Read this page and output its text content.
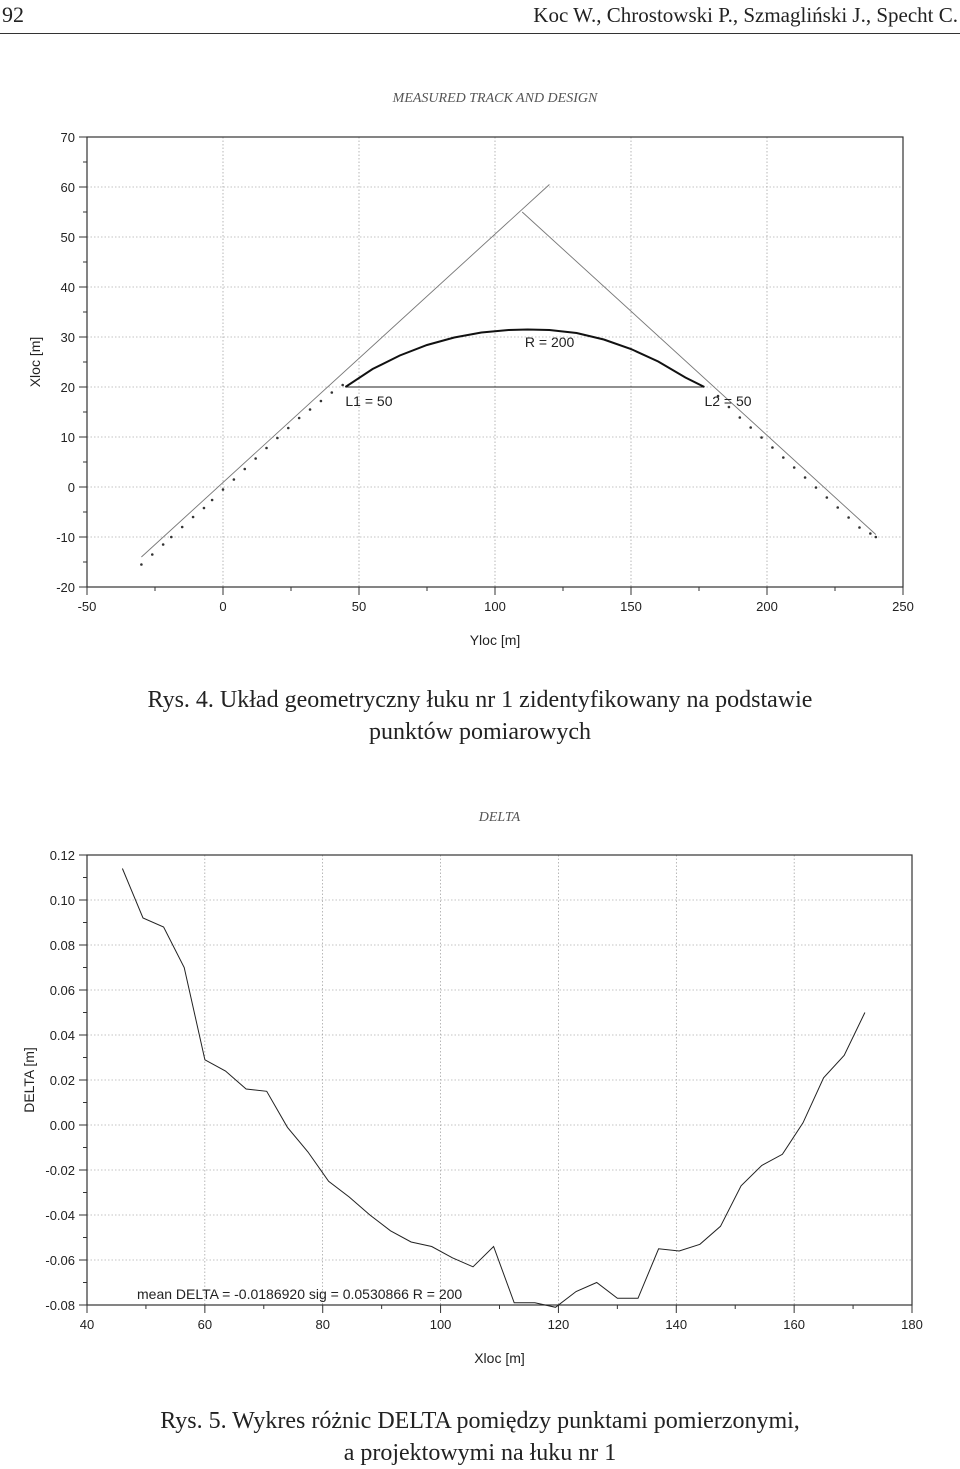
92	Koc W., Chrostowski P., Szmagliński J., Specht C.
MEASURED TRACK AND DESIGN
-50	0	50	100	150	200	250
-20
-10
0
10
20
30
40
50
60
70
Yloc [m]
Xloc [m]	R = 200
L1 = 50	L2 = 50
Rys. 4. Układ geometryczny łuku nr 1 zidentyfikowany na podstawie
punktów pomiarowych
DELTA
40	60	80	100	120	140	160	180
-0.08
-0.06
-0.04
-0.02
0.00
0.02
0.04
0.06
0.08
0.10
0.12
Xloc [m]
DELTA [m]
mean DELTA = -0.0186920 sig = 0.0530866 R = 200
Rys. 5. Wykres różnic DELTA pomiędzy punktami pomierzonymi,
a projektowymi na łuku nr 1
